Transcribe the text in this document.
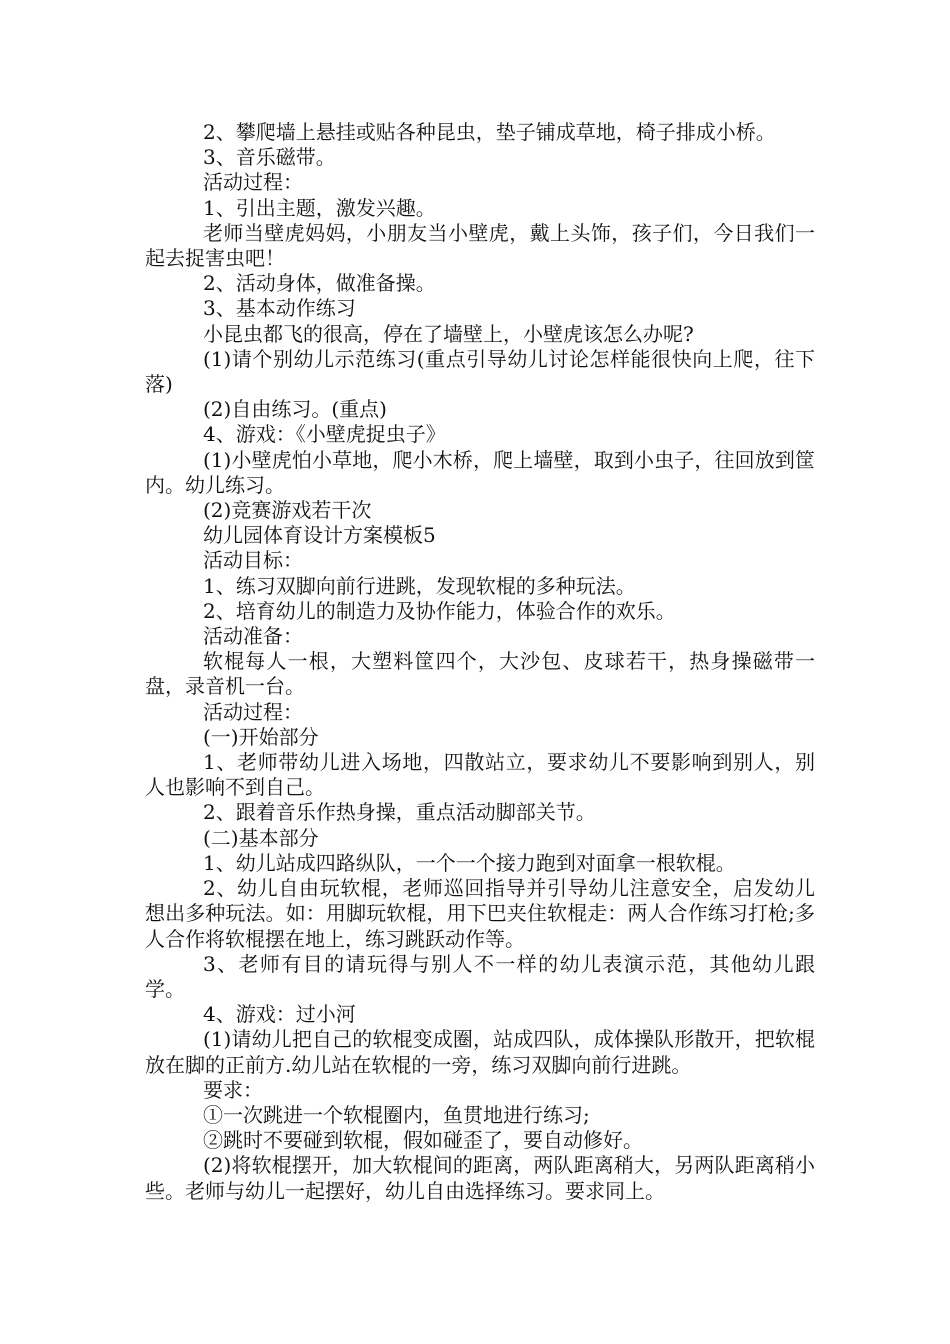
2、攀爬墙上悬挂或贴各种昆虫，垫子铺成草地，椅子排成小桥。

3、音乐磁带。

活动过程：

1、引出主题，激发兴趣。

老师当壁虎妈妈，小朋友当小壁虎，戴上头饰，孩子们，今日我们一起去捉害虫吧！

2、活动身体，做准备操。

3、基本动作练习

小昆虫都飞的很高，停在了墙壁上，小壁虎该怎么办呢?

(1)请个别幼儿示范练习(重点引导幼儿讨论怎样能很快向上爬，往下落)

(2)自由练习。(重点)

4、游戏：《小壁虎捉虫子》

(1)小壁虎怕小草地，爬小木桥，爬上墙壁，取到小虫子，往回放到筐内。幼儿练习。

(2)竞赛游戏若干次

幼儿园体育设计方案模板5

活动目标：

1、练习双脚向前行进跳，发现软棍的多种玩法。

2、培育幼儿的制造力及协作能力，体验合作的欢乐。

活动准备：

软棍每人一根，大塑料筐四个，大沙包、皮球若干，热身操磁带一盘，录音机一台。

活动过程：

(一)开始部分

1、老师带幼儿进入场地，四散站立，要求幼儿不要影响到别人，别人也影响不到自己。

2、跟着音乐作热身操，重点活动脚部关节。

(二)基本部分

1、幼儿站成四路纵队，一个一个接力跑到对面拿一根软棍。

2、幼儿自由玩软棍，老师巡回指导并引导幼儿注意安全，启发幼儿想出多种玩法。如：用脚玩软棍，用下巴夹住软棍走：两人合作练习打枪;多人合作将软棍摆在地上，练习跳跃动作等。

3、老师有目的请玩得与别人不一样的幼儿表演示范，其他幼儿跟学。

4、游戏：过小河

(1)请幼儿把自己的软棍变成圈，站成四队，成体操队形散开，把软棍放在脚的正前方.幼儿站在软棍的一旁，练习双脚向前行进跳。

要求：

①一次跳进一个软棍圈内，鱼贯地进行练习;

②跳时不要碰到软棍，假如碰歪了，要自动修好。

(2)将软棍摆开，加大软棍间的距离，两队距离稍大，另两队距离稍小些。老师与幼儿一起摆好，幼儿自由选择练习。要求同上。
